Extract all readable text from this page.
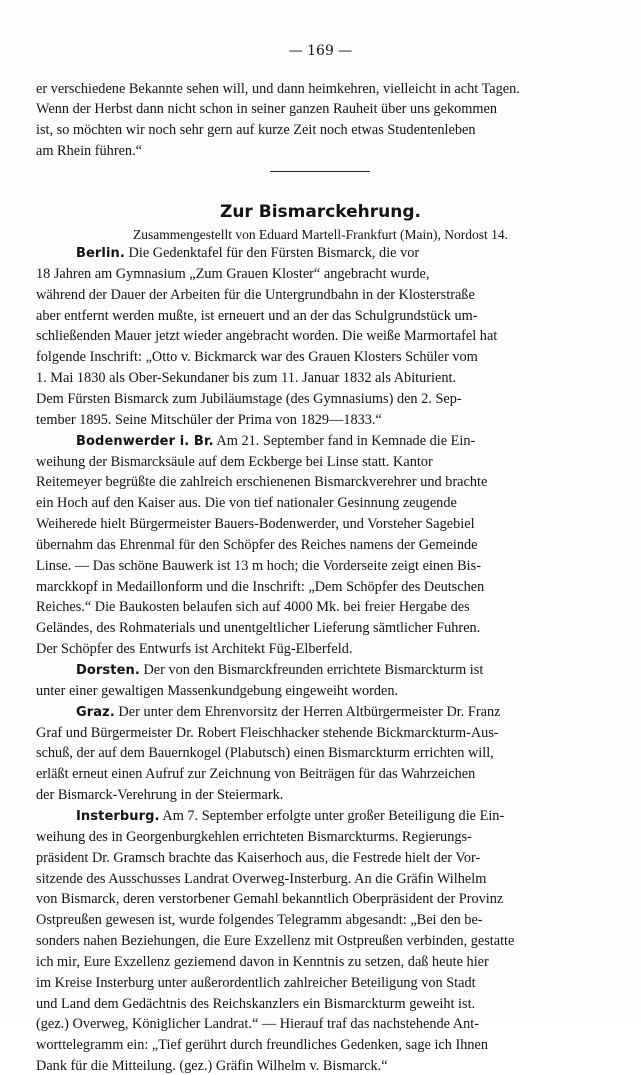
— 169 —

er verschiedene Bekannte sehen will, und dann heimkehren, vielleicht in acht Tagen.

Wenn der Herbst dann nicht schon in seiner ganzen Rauheit über uns gekommen

ist, so möchten wir noch sehr gern auf kurze Zeit noch etwas Studentenleben

am Rhein führen.“

Zur Bismarckehrung.
Zusammengestellt von Eduard Martell-Frankfurt (Main), Nordost 14.

Berlin. Die Gedenktafel für den Fürsten Bismarck, die vor

18 Jahren am Gymnasium „Zum Grauen Kloster“ angebracht wurde,

während der Dauer der Arbeiten für die Untergrundbahn in der Klosterstraße

aber entfernt werden mußte, ist erneuert und an der das Schulgrundstück um-

schließenden Mauer jetzt wieder angebracht worden. Die weiße Marmortafel hat

folgende Inschrift: „Otto v. Bickmarck war des Grauen Klosters Schüler vom

1. Mai 1830 als Ober-Sekundaner bis zum 11. Januar 1832 als Abiturient.

Dem Fürsten Bismarck zum Jubiläumstage (des Gymnasiums) den 2. Sep-

tember 1895. Seine Mitschüler der Prima von 1829—1833.“

Bodenwerder i. Br. Am 21. September fand in Kemnade die Ein-

weihung der Bismarcksäule auf dem Eckberge bei Linse statt. Kantor

Reitemeyer begrüßte die zahlreich erschienenen Bismarckverehrer und brachte

ein Hoch auf den Kaiser aus. Die von tief nationaler Gesinnung zeugende

Weiherede hielt Bürgermeister Bauers-Bodenwerder, und Vorsteher Sagebiel

übernahm das Ehrenmal für den Schöpfer des Reiches namens der Gemeinde

Linse. — Das schöne Bauwerk ist 13 m hoch; die Vorderseite zeigt einen Bis-

marckkopf in Medaillonform und die Inschrift: „Dem Schöpfer des Deutschen

Reiches.“ Die Baukosten belaufen sich auf 4000 Mk. bei freier Hergabe des

Geländes, des Rohmaterials und unentgeltlicher Lieferung sämtlicher Fuhren.

Der Schöpfer des Entwurfs ist Architekt Füg-Elberfeld.

Dorsten. Der von den Bismarckfreunden errichtete Bismarckturm ist

unter einer gewaltigen Massenkundgebung eingeweiht worden.

Graz. Der unter dem Ehrenvorsitz der Herren Altbürgermeister Dr. Franz

Graf und Bürgermeister Dr. Robert Fleischhacker stehende Bickmarckturm-Aus-

schuß, der auf dem Bauernkogel (Plabutsch) einen Bismarckturm errichten will,

erläßt erneut einen Aufruf zur Zeichnung von Beiträgen für das Wahrzeichen

der Bismarck-Verehrung in der Steiermark.

Insterburg. Am 7. September erfolgte unter großer Beteiligung die Ein-

weihung des in Georgenburgkehlen errichteten Bismarckturms. Regierungs-

präsident Dr. Gramsch brachte das Kaiserhoch aus, die Festrede hielt der Vor-

sitzende des Ausschusses Landrat Overweg-Insterburg. An die Gräfin Wilhelm

von Bismarck, deren verstorbener Gemahl bekanntlich Oberpräsident der Provinz

Ostpreußen gewesen ist, wurde folgendes Telegramm abgesandt: „Bei den be-

sonders nahen Beziehungen, die Eure Exzellenz mit Ostpreußen verbinden, gestatte

ich mir, Eure Exzellenz geziemend davon in Kenntnis zu setzen, daß heute hier

im Kreise Insterburg unter außerordentlich zahlreicher Beteiligung von Stadt

und Land dem Gedächtnis des Reichskanzlers ein Bismarckturm geweiht ist.

(gez.) Overweg, Königlicher Landrat.“ — Hierauf traf das nachstehende Ant-

worttelegramm ein: „Tief gerührt durch freundliches Gedenken, sage ich Ihnen

Dank für die Mitteilung. (gez.) Gräfin Wilhelm v. Bismarck.“
